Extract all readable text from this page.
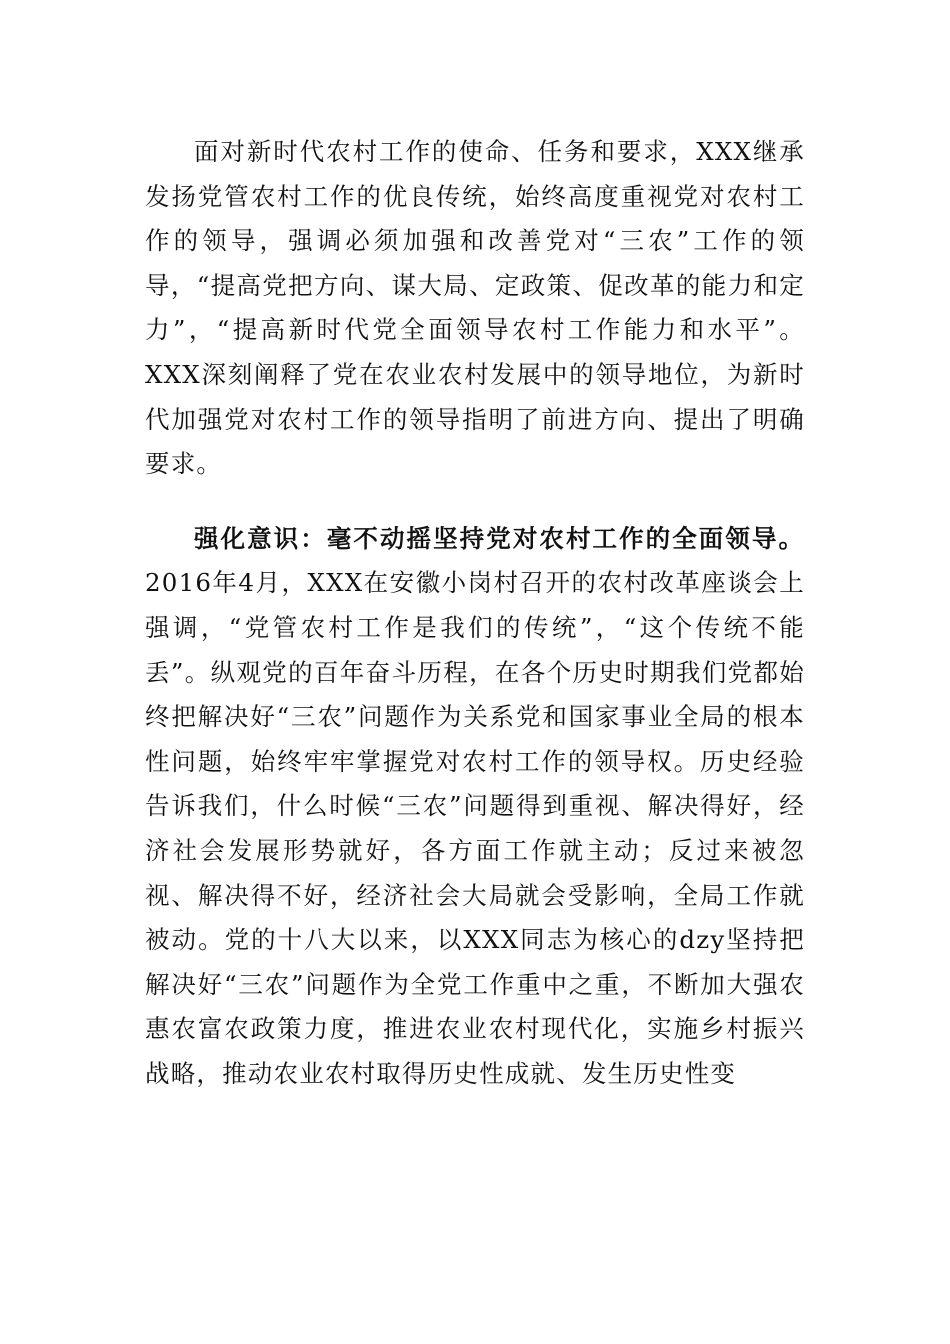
面对新时代农村工作的使命、任务和要求，XXX继承发扬党管农村工作的优良传统，始终高度重视党对农村工作的领导，强调必须加强和改善党对“三农”工作的领导，“提高党把方向、谋大局、定政策、促改革的能力和定力”，“提高新时代党全面领导农村工作能力和水平”。XXX深刻阐释了党在农业农村发展中的领导地位，为新时代加强党对农村工作的领导指明了前进方向、提出了明确要求。

强化意识：毫不动摇坚持党对农村工作的全面领导。2016年4月，XXX在安徽小岗村召开的农村改革座谈会上强调，“党管农村工作是我们的传统”，“这个传统不能丢”。纵观党的百年奋斗历程，在各个历史时期我们党都始终把解决好“三农”问题作为关系党和国家事业全局的根本性问题，始终牢牢掌握党对农村工作的领导权。历史经验告诉我们，什么时候“三农”问题得到重视、解决得好，经济社会发展形势就好，各方面工作就主动；反过来被忽视、解决得不好，经济社会大局就会受影响，全局工作就被动。党的十八大以来，以XXX同志为核心的dzy坚持把解决好“三农”问题作为全党工作重中之重，不断加大强农惠农富农政策力度，推进农业农村现代化，实施乡村振兴战略，推动农业农村取得历史性成就、发生历史性变
